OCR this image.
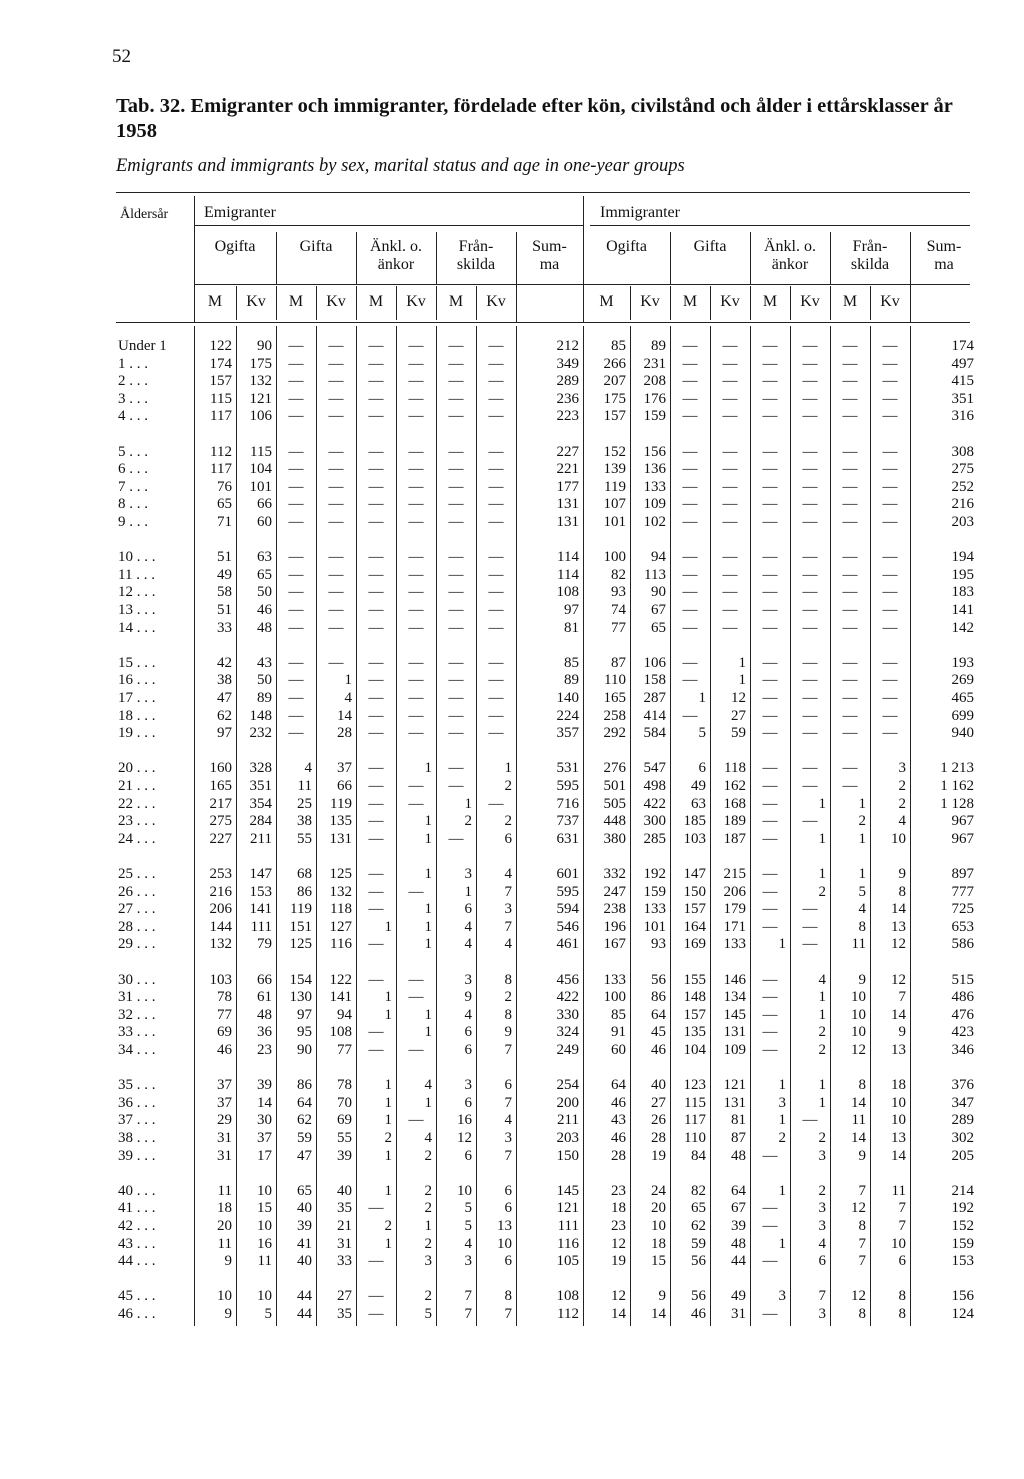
52
Tab. 32. Emigranter och immigranter, fördelade efter kön, civilstånd och ålder i ettårsklasser år 1958
Emigrants and immigrants by sex, marital status and age in one-year groups
Åldersår Emigranter	Immigranter
Ogifta	Gifta	Änkl. o.
änkor
Från-
skilda
Sum-
ma
M	Kv	M	Kv	M	Kv	M	Kv
Ogifta	Gifta	Änkl. o.
änkor
Från-
skilda
Sum-
ma
M	Kv	M	Kv	M	Kv	M	Kv
Under 1	122	90	—	—	—	—	—	—	212	85	89	—	—	—	—	—	—	174
1 . . .	174	175	—	—	—	—	—	—	349	266	231	—	—	—	—	—	—	497
2 . . .	157	132	—	—	—	—	—	—	289	207	208	—	—	—	—	—	—	415
3 . . .	115	121	—	—	—	—	—	—	236	175	176	—	—	—	—	—	—	351
4 . . .	117	106	—	—	—	—	—	—	223	157	159	—	—	—	—	—	—	316
5 . . .	112	115	—	—	—	—	—	—	227	152	156	—	—	—	—	—	—	308
6 . . .	117	104	—	—	—	—	—	—	221	139	136	—	—	—	—	—	—	275
7 . . .	76	101	—	—	—	—	—	—	177	119	133	—	—	—	—	—	—	252
8 . . .	65	66	—	—	—	—	—	—	131	107	109	—	—	—	—	—	—	216
9 . . .	71	60	—	—	—	—	—	—	131	101	102	—	—	—	—	—	—	203
10 . . .	51	63	—	—	—	—	—	—	114	100	94	—	—	—	—	—	—	194
11 . . .	49	65	—	—	—	—	—	—	114	82	113	—	—	—	—	—	—	195
12 . . .	58	50	—	—	—	—	—	—	108	93	90	—	—	—	—	—	—	183
13 . . .	51	46	—	—	—	—	—	—	97	74	67	—	—	—	—	—	—	141
14 . . .	33	48	—	—	—	—	—	—	81	77	65	—	—	—	—	—	—	142
15 . . .	42	43	—	—	—	—	—	—	85	87	106	—	1	—	—	—	—	193
16 . . .	38	50	—	1	—	—	—	—	89	110	158	—	1	—	—	—	—	269
17 . . .	47	89	—	4	—	—	—	—	140	165	287	1	12	—	—	—	—	465
18 . . .	62	148	—	14	—	—	—	—	224	258	414	—	27	—	—	—	—	699
19 . . .	97	232	—	28	—	—	—	—	357	292	584	5	59	—	—	—	—	940
20 . . .	160	328	4	37	—	1	—	1	531	276	547	6	118	—	—	—	3	1 213
21 . . .	165	351	11	66	—	—	—	2	595	501	498	49	162	—	—	—	2	1 162
22 . . .	217	354	25	119	—	—	1	—	716	505	422	63	168	—	1	1	2	1 128
23 . . .	275	284	38	135	—	1	2	2	737	448	300	185	189	—	—	2	4	967
24 . . .	227	211	55	131	—	1	—	6	631	380	285	103	187	—	1	1	10	967
25 . . .	253	147	68	125	—	1	3	4	601	332	192	147	215	—	1	1	9	897
26 . . .	216	153	86	132	—	—	1	7	595	247	159	150	206	—	2	5	8	777
27 . . .	206	141	119	118	—	1	6	3	594	238	133	157	179	—	—	4	14	725
28 . . .	144	111	151	127	1	1	4	7	546	196	101	164	171	—	—	8	13	653
29 . . .	132	79	125	116	—	1	4	4	461	167	93	169	133	1	—	11	12	586
30 . . .	103	66	154	122	—	—	3	8	456	133	56	155	146	—	4	9	12	515
31 . . .	78	61	130	141	1	—	9	2	422	100	86	148	134	—	1	10	7	486
32 . . .	77	48	97	94	1	1	4	8	330	85	64	157	145	—	1	10	14	476
33 . . .	69	36	95	108	—	1	6	9	324	91	45	135	131	—	2	10	9	423
34 . . .	46	23	90	77	—	—	6	7	249	60	46	104	109	—	2	12	13	346
35 . . .	37	39	86	78	1	4	3	6	254	64	40	123	121	1	1	8	18	376
36 . . .	37	14	64	70	1	1	6	7	200	46	27	115	131	3	1	14	10	347
37 . . .	29	30	62	69	1	—	16	4	211	43	26	117	81	1	—	11	10	289
38 . . .	31	37	59	55	2	4	12	3	203	46	28	110	87	2	2	14	13	302
39 . . .	31	17	47	39	1	2	6	7	150	28	19	84	48	—	3	9	14	205
40 . . .	11	10	65	40	1	2	10	6	145	23	24	82	64	1	2	7	11	214
41 . . .	18	15	40	35	—	2	5	6	121	18	20	65	67	—	3	12	7	192
42 . . .	20	10	39	21	2	1	5	13	111	23	10	62	39	—	3	8	7	152
43 . . .	11	16	41	31	1	2	4	10	116	12	18	59	48	1	4	7	10	159
44 . . .	9	11	40	33	—	3	3	6	105	19	15	56	44	—	6	7	6	153
45 . . .	10	10	44	27	—	2	7	8	108	12	9	56	49	3	7	12	8	156
46 . . .	9	5	44	35	—	5	7	7	112	14	14	46	31	—	3	8	8	124
